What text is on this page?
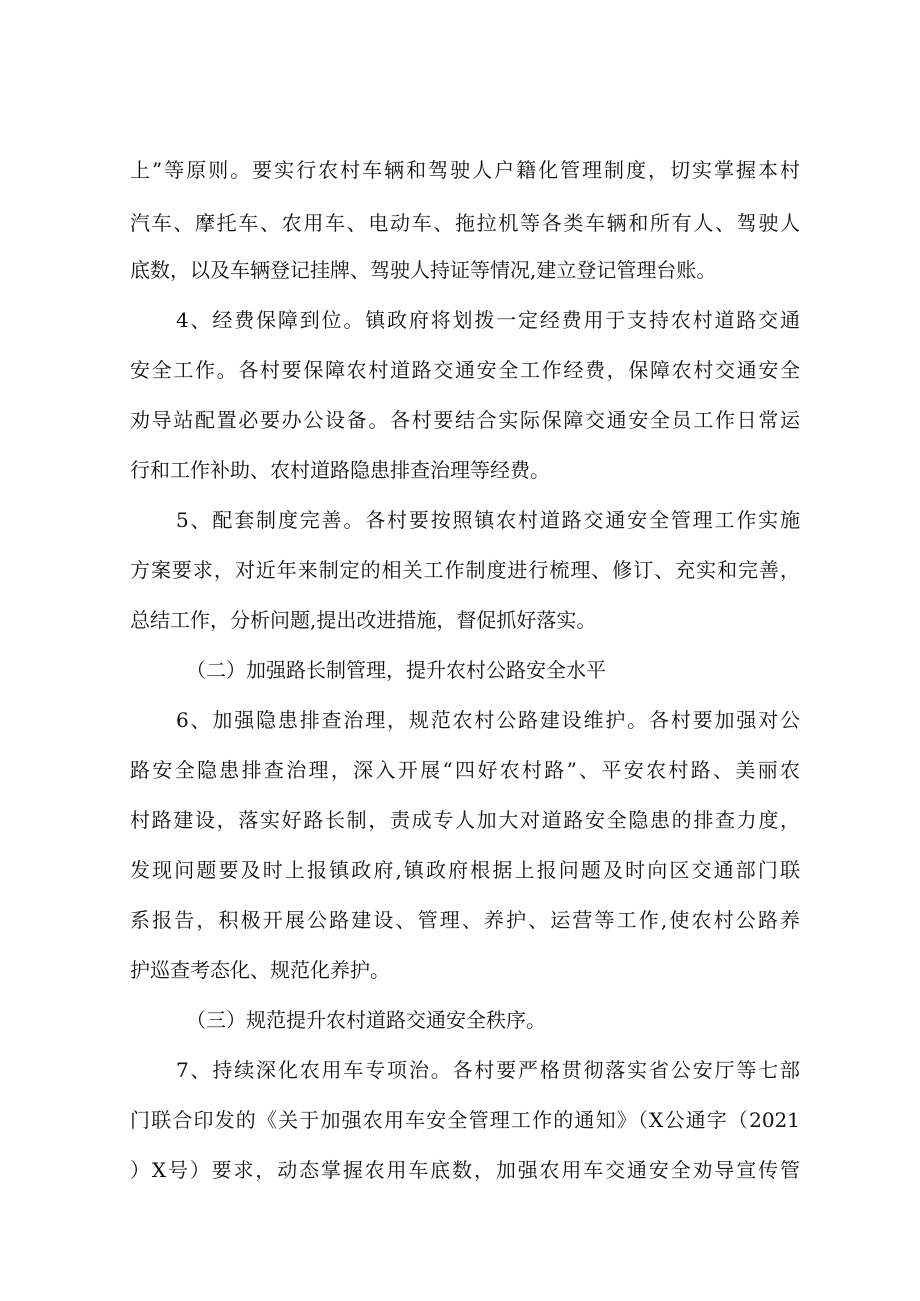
上”等原则。要实行农村车辆和驾驶人户籍化管理制度，切实掌握本村
汽车、摩托车、农用车、电动车、拖拉机等各类车辆和所有人、驾驶人
底数，以及车辆登记挂牌、驾驶人持证等情况,建立登记管理台账。
4、经费保障到位。镇政府将划拨一定经费用于支持农村道路交通
安全工作。各村要保障农村道路交通安全工作经费，保障农村交通安全
劝导站配置必要办公设备。各村要结合实际保障交通安全员工作日常运
行和工作补助、农村道路隐患排查治理等经费。
5、配套制度完善。各村要按照镇农村道路交通安全管理工作实施
方案要求，对近年来制定的相关工作制度进行梳理、修订、充实和完善，
总结工作，分析问题,提出改进措施，督促抓好落实。
（二）加强路长制管理，提升农村公路安全水平
6、加强隐患排查治理，规范农村公路建设维护。各村要加强对公
路安全隐患排查治理，深入开展“四好农村路”、平安农村路、美丽农
村路建设，落实好路长制，责成专人加大对道路安全隐患的排查力度，
发现问题要及时上报镇政府,镇政府根据上报问题及时向区交通部门联
系报告，积极开展公路建设、管理、养护、运营等工作,使农村公路养
护巡查考态化、规范化养护。
（三）规范提升农村道路交通安全秩序。
7、持续深化农用车专项治。各村要严格贯彻落实省公安厅等七部
门联合印发的《关于加强农用车安全管理工作的通知》（X公通字（2021
）X号）要求，动态掌握农用车底数，加强农用车交通安全劝导宣传管
